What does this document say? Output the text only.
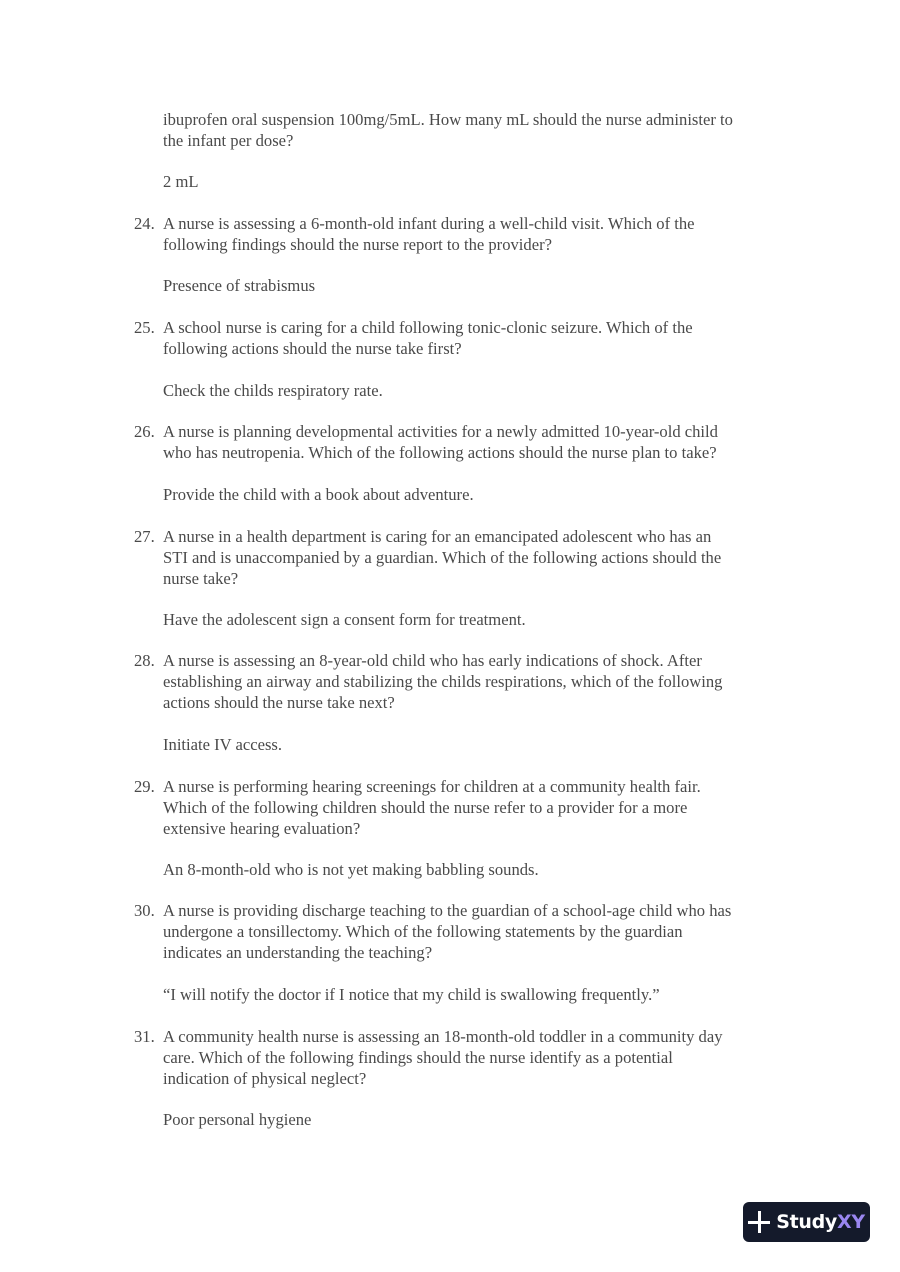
ibuprofen oral suspension 100mg/5mL. How many mL should the nurse administer to
the infant per dose?
2 mL
24. A nurse is assessing a 6-month-old infant during a well-child visit. Which of the
following findings should the nurse report to the provider?
Presence of strabismus
25. A school nurse is caring for a child following tonic-clonic seizure. Which of the
following actions should the nurse take first?
Check the childs respiratory rate.
26. A nurse is planning developmental activities for a newly admitted 10-year-old child
who has neutropenia. Which of the following actions should the nurse plan to take?
Provide the child with a book about adventure.
27. A nurse in a health department is caring for an emancipated adolescent who has an
STI and is unaccompanied by a guardian. Which of the following actions should the
nurse take?
Have the adolescent sign a consent form for treatment.
28. A nurse is assessing an 8-year-old child who has early indications of shock. After
establishing an airway and stabilizing the childs respirations, which of the following
actions should the nurse take next?
Initiate IV access.
29. A nurse is performing hearing screenings for children at a community health fair.
Which of the following children should the nurse refer to a provider for a more
extensive hearing evaluation?
An 8-month-old who is not yet making babbling sounds.
30. A nurse is providing discharge teaching to the guardian of a school-age child who has
undergone a tonsillectomy. Which of the following statements by the guardian
indicates an understanding the teaching?
“I will notify the doctor if I notice that my child is swallowing frequently.”
31. A community health nurse is assessing an 18-month-old toddler in a community day
care. Which of the following findings should the nurse identify as a potential
indication of physical neglect?
Poor personal hygiene
StudyXY
